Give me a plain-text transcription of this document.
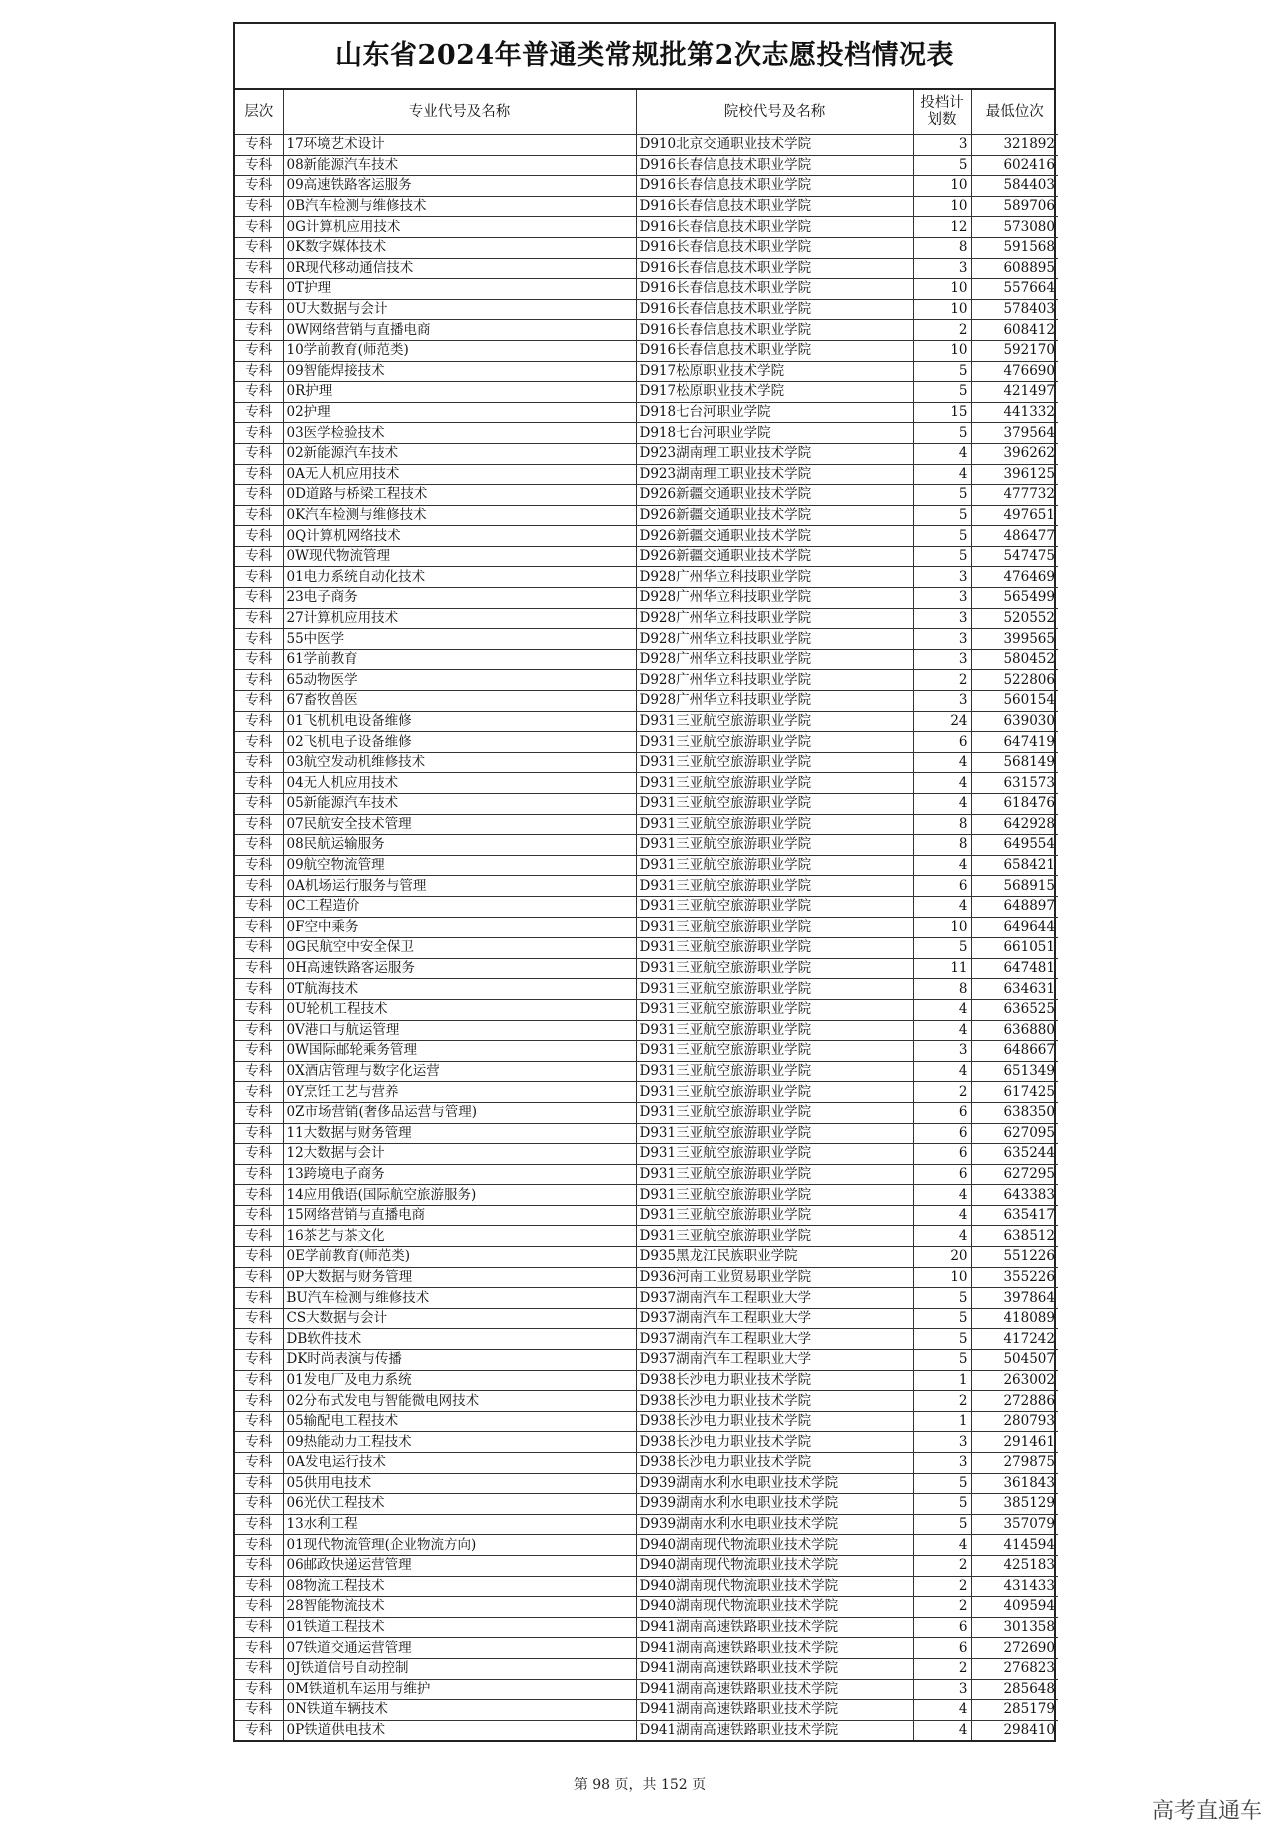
山东省2024年普通类常规批第2次志愿投档情况表
层次	专业代号及名称	院校代号及名称	投档计划数	最低位次
专科	17环境艺术设计	D910北京交通职业技术学院	3	321892
专科	08新能源汽车技术	D916长春信息技术职业学院	5	602416
专科	09高速铁路客运服务	D916长春信息技术职业学院	10	584403
专科	0B汽车检测与维修技术	D916长春信息技术职业学院	10	589706
专科	0G计算机应用技术	D916长春信息技术职业学院	12	573080
专科	0K数字媒体技术	D916长春信息技术职业学院	8	591568
专科	0R现代移动通信技术	D916长春信息技术职业学院	3	608895
专科	0T护理	D916长春信息技术职业学院	10	557664
专科	0U大数据与会计	D916长春信息技术职业学院	10	578403
专科	0W网络营销与直播电商	D916长春信息技术职业学院	2	608412
专科	10学前教育(师范类)	D916长春信息技术职业学院	10	592170
专科	09智能焊接技术	D917松原职业技术学院	5	476690
专科	0R护理	D917松原职业技术学院	5	421497
专科	02护理	D918七台河职业学院	15	441332
专科	03医学检验技术	D918七台河职业学院	5	379564
专科	02新能源汽车技术	D923湖南理工职业技术学院	4	396262
专科	0A无人机应用技术	D923湖南理工职业技术学院	4	396125
专科	0D道路与桥梁工程技术	D926新疆交通职业技术学院	5	477732
专科	0K汽车检测与维修技术	D926新疆交通职业技术学院	5	497651
专科	0Q计算机网络技术	D926新疆交通职业技术学院	5	486477
专科	0W现代物流管理	D926新疆交通职业技术学院	5	547475
专科	01电力系统自动化技术	D928广州华立科技职业学院	3	476469
专科	23电子商务	D928广州华立科技职业学院	3	565499
专科	27计算机应用技术	D928广州华立科技职业学院	3	520552
专科	55中医学	D928广州华立科技职业学院	3	399565
专科	61学前教育	D928广州华立科技职业学院	3	580452
专科	65动物医学	D928广州华立科技职业学院	2	522806
专科	67畜牧兽医	D928广州华立科技职业学院	3	560154
专科	01飞机机电设备维修	D931三亚航空旅游职业学院	24	639030
专科	02飞机电子设备维修	D931三亚航空旅游职业学院	6	647419
专科	03航空发动机维修技术	D931三亚航空旅游职业学院	4	568149
专科	04无人机应用技术	D931三亚航空旅游职业学院	4	631573
专科	05新能源汽车技术	D931三亚航空旅游职业学院	4	618476
专科	07民航安全技术管理	D931三亚航空旅游职业学院	8	642928
专科	08民航运输服务	D931三亚航空旅游职业学院	8	649554
专科	09航空物流管理	D931三亚航空旅游职业学院	4	658421
专科	0A机场运行服务与管理	D931三亚航空旅游职业学院	6	568915
专科	0C工程造价	D931三亚航空旅游职业学院	4	648897
专科	0F空中乘务	D931三亚航空旅游职业学院	10	649644
专科	0G民航空中安全保卫	D931三亚航空旅游职业学院	5	661051
专科	0H高速铁路客运服务	D931三亚航空旅游职业学院	11	647481
专科	0T航海技术	D931三亚航空旅游职业学院	8	634631
专科	0U轮机工程技术	D931三亚航空旅游职业学院	4	636525
专科	0V港口与航运管理	D931三亚航空旅游职业学院	4	636880
专科	0W国际邮轮乘务管理	D931三亚航空旅游职业学院	3	648667
专科	0X酒店管理与数字化运营	D931三亚航空旅游职业学院	4	651349
专科	0Y烹饪工艺与营养	D931三亚航空旅游职业学院	2	617425
专科	0Z市场营销(奢侈品运营与管理)	D931三亚航空旅游职业学院	6	638350
专科	11大数据与财务管理	D931三亚航空旅游职业学院	6	627095
专科	12大数据与会计	D931三亚航空旅游职业学院	6	635244
专科	13跨境电子商务	D931三亚航空旅游职业学院	6	627295
专科	14应用俄语(国际航空旅游服务)	D931三亚航空旅游职业学院	4	643383
专科	15网络营销与直播电商	D931三亚航空旅游职业学院	4	635417
专科	16茶艺与茶文化	D931三亚航空旅游职业学院	4	638512
专科	0E学前教育(师范类)	D935黑龙江民族职业学院	20	551226
专科	0P大数据与财务管理	D936河南工业贸易职业学院	10	355226
专科	BU汽车检测与维修技术	D937湖南汽车工程职业大学	5	397864
专科	CS大数据与会计	D937湖南汽车工程职业大学	5	418089
专科	DB软件技术	D937湖南汽车工程职业大学	5	417242
专科	DK时尚表演与传播	D937湖南汽车工程职业大学	5	504507
专科	01发电厂及电力系统	D938长沙电力职业技术学院	1	263002
专科	02分布式发电与智能微电网技术	D938长沙电力职业技术学院	2	272886
专科	05输配电工程技术	D938长沙电力职业技术学院	1	280793
专科	09热能动力工程技术	D938长沙电力职业技术学院	3	291461
专科	0A发电运行技术	D938长沙电力职业技术学院	3	279875
专科	05供用电技术	D939湖南水利水电职业技术学院	5	361843
专科	06光伏工程技术	D939湖南水利水电职业技术学院	5	385129
专科	13水利工程	D939湖南水利水电职业技术学院	5	357079
专科	01现代物流管理(企业物流方向)	D940湖南现代物流职业技术学院	4	414594
专科	06邮政快递运营管理	D940湖南现代物流职业技术学院	2	425183
专科	08物流工程技术	D940湖南现代物流职业技术学院	2	431433
专科	28智能物流技术	D940湖南现代物流职业技术学院	2	409594
专科	01铁道工程技术	D941湖南高速铁路职业技术学院	6	301358
专科	07铁道交通运营管理	D941湖南高速铁路职业技术学院	6	272690
专科	0J铁道信号自动控制	D941湖南高速铁路职业技术学院	2	276823
专科	0M铁道机车运用与维护	D941湖南高速铁路职业技术学院	3	285648
专科	0N铁道车辆技术	D941湖南高速铁路职业技术学院	4	285179
专科	0P铁道供电技术	D941湖南高速铁路职业技术学院	4	298410
第 98 页，共 152 页
高考直通车
